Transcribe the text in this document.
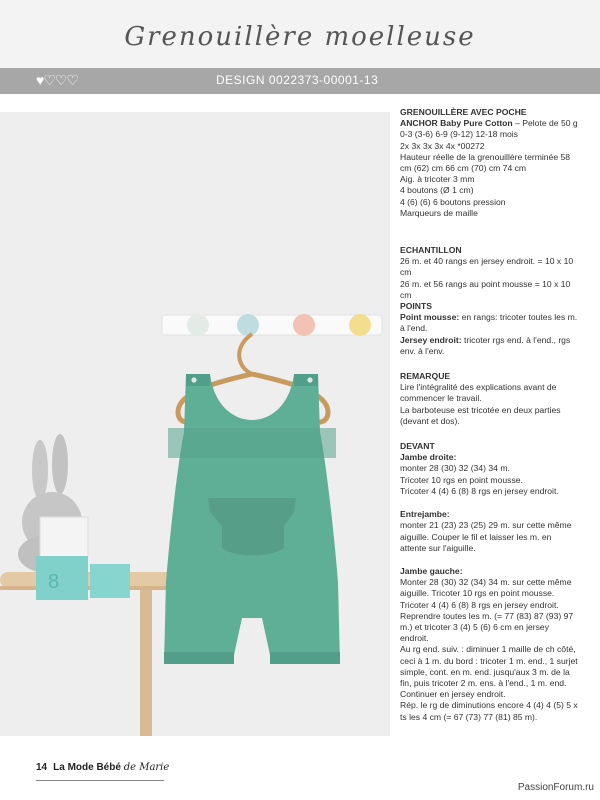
Grenouillère moelleuse
♥♡♡♡	DESIGN 0022373-00001-13
8

GRENOUILLÈRE AVEC POCHE

ANCHOR Baby Pure Cotton – Pelote de 50 g 0-3 (3-6) 6-9 (9-12) 12-18 mois

2x 3x 3x 3x 4x *00272

Hauteur réelle de la grenouillère terminée 58 cm (62) cm 66 cm (70) cm 74 cm

Aig. à tricoter 3 mm

4 boutons (Ø 1 cm)

4 (6) (6) 6 boutons pression

Marqueurs de maille

ECHANTILLON

26 m. et 40 rangs en jersey endroit. = 10 x 10 cm

26 m. et 56 rangs au point mousse = 10 x 10 cm

POINTS

Point mousse: en rangs: tricoter toutes les m. à l'end.

Jersey endroit: tricoter rgs end. à l'end., rgs env. à l'env.

REMARQUE

Lire l'intégralité des explications avant de commencer le travail.

La barboteuse est tricotée en deux parties (devant et dos).

DEVANT

Jambe droite:

monter 28 (30) 32 (34) 34 m.

Tricoter 10 rgs en point mousse.

Tricoter 4 (4) 6 (8) 8 rgs en jersey endroit.

Entrejambe:

monter 21 (23) 23 (25) 29 m. sur cette même aiguille. Couper le fil et laisser les m. en attente sur l'aiguille.

Jambe gauche:

Monter 28 (30) 32 (34) 34 m. sur cette même aiguille. Tricoter 10 rgs en point mousse. Tricoter 4 (4) 6 (8) 8 rgs en jersey endroit.

Reprendre toutes les m. (= 77 (83) 87 (93) 97 m.) et tricoter 3 (4) 5 (6) 6 cm en jersey endroit.

Au rg end. suiv. : diminuer 1 maille de ch côté, ceci à 1 m. du bord : tricoter 1 m. end., 1 surjet simple, cont. en m. end. jusqu'aux 3 m. de la fin, puis tricoter 2 m. ens. à l'end., 1 m. end. Continuer en jersey endroit.

Rép. le rg de diminutions encore 4 (4) 4 (5) 5 x ts les 4 cm (= 67 (73) 77 (81) 85 m).

14 La Mode Bébé de Marie
PassionForum.ru
